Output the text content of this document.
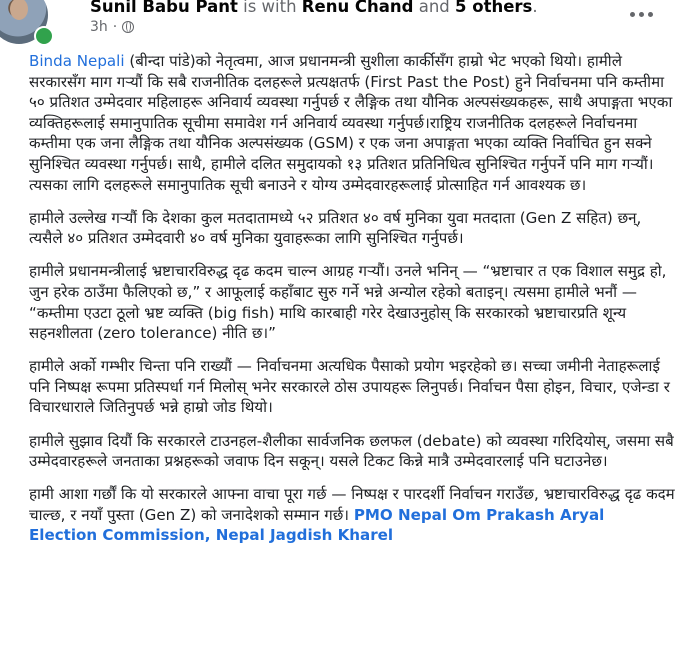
Sunil Babu Pant is with Renu Chand and 5 others.
3h ·

Binda Nepali (बीन्दा पांडे)को नेतृत्वमा, आज प्रधानमन्त्री सुशीला कार्कीसँग हाम्रो भेट भएको थियो। हामीले सरकारसँग माग गर्‍यौं कि सबै राजनीतिक दलहरूले प्रत्यक्षतर्फ (First Past the Post) हुने निर्वाचनमा पनि कम्तीमा ५० प्रतिशत उम्मेदवार महिलाहरू अनिवार्य व्यवस्था गर्नुपर्छ र लैङ्गिक तथा यौनिक अल्पसंख्यकहरू, साथै अपाङ्गता भएका व्यक्तिहरूलाई समानुपातिक सूचीमा समावेश गर्न अनिवार्य व्यवस्था गर्नुपर्छ।राष्ट्रिय राजनीतिक दलहरूले निर्वाचनमा कम्तीमा एक जना लैङ्गिक तथा यौनिक अल्पसंख्यक (GSM) र एक जना अपाङ्गता भएका व्यक्ति निर्वाचित हुन सक्ने सुनिश्चित व्यवस्था गर्नुपर्छ। साथै, हामीले दलित समुदायको १३ प्रतिशत प्रतिनिधित्व सुनिश्चित गर्नुपर्ने पनि माग गर्‍यौं। त्यसका लागि दलहरूले समानुपातिक सूची बनाउने र योग्य उम्मेदवारहरूलाई प्रोत्साहित गर्न आवश्यक छ।

हामीले उल्लेख गर्‍यौं कि देशका कुल मतदातामध्ये ५२ प्रतिशत ४० वर्ष मुनिका युवा मतदाता (Gen Z सहित) छन्, त्यसैले ४० प्रतिशत उम्मेदवारी ४० वर्ष मुनिका युवाहरूका लागि सुनिश्चित गर्नुपर्छ।

हामीले प्रधानमन्त्रीलाई भ्रष्टाचारविरुद्ध दृढ कदम चाल्न आग्रह गर्‍यौं। उनले भनिन् — “भ्रष्टाचार त एक विशाल समुद्र हो, जुन हरेक ठाउँमा फैलिएको छ,” र आफूलाई कहाँबाट सुरु गर्ने भन्ने अन्योल रहेको बताइन्। त्यसमा हामीले भनौं — “कम्तीमा एउटा ठूलो भ्रष्ट व्यक्ति (big fish) माथि कारबाही गरेर देखाउनुहोस् कि सरकारको भ्रष्टाचारप्रति शून्य सहनशीलता (zero tolerance) नीति छ।”

हामीले अर्को गम्भीर चिन्ता पनि राख्यौं — निर्वाचनमा अत्यधिक पैसाको प्रयोग भइरहेको छ। सच्चा जमीनी नेताहरूलाई पनि निष्पक्ष रूपमा प्रतिस्पर्धा गर्न मिलोस् भनेर सरकारले ठोस उपायहरू लिनुपर्छ। निर्वाचन पैसा होइन, विचार, एजेन्डा र विचारधाराले जितिनुपर्छ भन्ने हाम्रो जोड थियो।

हामीले सुझाव दियौं कि सरकारले टाउनहल-शैलीका सार्वजनिक छलफल (debate) को व्यवस्था गरिदियोस्, जसमा सबै उम्मेदवारहरूले जनताका प्रश्नहरूको जवाफ दिन सकून्। यसले टिकट किन्ने मात्रै उम्मेदवारलाई पनि घटाउनेछ।

हामी आशा गर्छौं कि यो सरकारले आफ्ना वाचा पूरा गर्छ — निष्पक्ष र पारदर्शी निर्वाचन गराउँछ, भ्रष्टाचारविरुद्ध दृढ कदम चाल्छ, र नयाँ पुस्ता (Gen Z) को जनादेशको सम्मान गर्छ। PMO Nepal Om Prakash Aryal Election Commission, Nepal Jagdish Kharel
